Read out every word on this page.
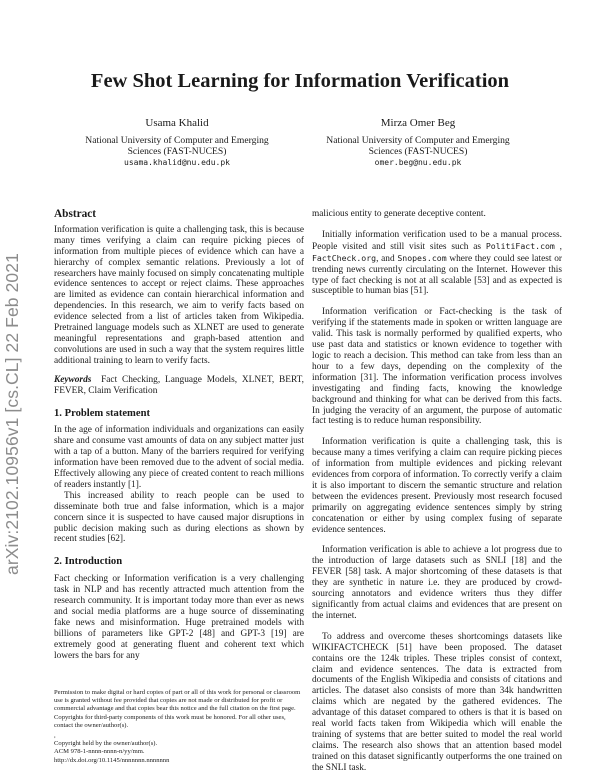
arXiv:2102.10956v1 [cs.CL] 22 Feb 2021
Few Shot Learning for Information Verification
Usama Khalid
National University of Computer and Emerging
Sciences (FAST-NUCES)
usama.khalid@nu.edu.pk
Mirza Omer Beg
National University of Computer and Emerging
Sciences (FAST-NUCES)
omer.beg@nu.edu.pk

Abstract

Information verification is quite a challenging task, this is because many times verifying a claim can require picking pieces of information from multiple pieces of evidence which can have a hierarchy of complex semantic relations. Previously a lot of researchers have mainly focused on simply concatenating multiple evidence sentences to accept or reject claims. These approaches are limited as evidence can contain hierarchical information and dependencies. In this research, we aim to verify facts based on evidence selected from a list of articles taken from Wikipedia. Pretrained language models such as XLNET are used to generate meaningful representations and graph-based attention and convolutions are used in such a way that the system requires little additional training to learn to verify facts.

Keywords Fact Checking, Language Models, XLNET, BERT, FEVER, Claim Verification

1. Problem statement

In the age of information individuals and organizations can easily share and consume vast amounts of data on any subject matter just with a tap of a button. Many of the barriers required for verifying information have been removed due to the advent of social media. Effectively allowing any piece of created content to reach millions of readers instantly [1].

This increased ability to reach people can be used to disseminate both true and false information, which is a major concern since it is suspected to have caused major disruptions in public decision making such as during elections as shown by recent studies [62].

2. Introduction

Fact checking or Information verification is a very challenging task in NLP and has recently attracted much attention from the research community. It is important today more than ever as news and social media platforms are a huge source of disseminating fake news and misinformation. Huge pretrained models with billions of parameters like GPT-2 [48] and GPT-3 [19] are extremely good at generating fluent and coherent text which lowers the bars for any

Permission to make digital or hard copies of part or all of this work for personal or classroom use is granted without fee provided that copies are not made or distributed for profit or commercial advantage and that copies bear this notice and the full citation on the first page. Copyrights for third-party components of this work must be honored. For all other uses, contact the owner/author(s).

,

Copyright held by the owner/author(s).

ACM 978-1-nnnn-nnnn-n/yy/mm.

http://dx.doi.org/10.1145/nnnnnnn.nnnnnnn

malicious entity to generate deceptive content.

Initially information verification used to be a manual process. People visited and still visit sites such as PolitiFact.com , FactCheck.org, and Snopes.com where they could see latest or trending news currently circulating on the Internet. However this type of fact checking is not at all scalable [53] and as expected is susceptible to human bias [51].

Information verification or Fact-checking is the task of verifying if the statements made in spoken or written language are valid. This task is normally performed by qualified experts, who use past data and statistics or known evidence to together with logic to reach a decision. This method can take from less than an hour to a few days, depending on the complexity of the information [31]. The information verification process involves investigating and finding facts, knowing the knowledge background and thinking for what can be derived from this facts. In judging the veracity of an argument, the purpose of automatic fact testing is to reduce human responsibility.

Information verification is quite a challenging task, this is because many a times verifying a claim can require picking pieces of information from multiple evidences and picking relevant evidences from corpora of information. To correctly verify a claim it is also important to discern the semantic structure and relation between the evidences present. Previously most research focused primarily on aggregating evidence sentences simply by string concatenation or either by using complex fusing of separate evidence sentences.

Information verification is able to achieve a lot progress due to the introduction of large datasets such as SNLI [18] and the FEVER [58] task. A major shortcoming of these datasets is that they are synthetic in nature i.e. they are produced by crowd-sourcing annotators and evidence writers thus they differ significantly from actual claims and evidences that are present on the internet.

To address and overcome theses shortcomings datasets like WIKIFACTCHECK [51] have been proposed. The dataset contains ore the 124k triples. These triples consist of context, claim and evidence sentences. The data is extracted from documents of the English Wikipedia and consists of citations and articles. The dataset also consists of more than 34k handwritten claims which are negated by the gathered evidences. The advantage of this dataset compared to others is that it is based on real world facts taken from Wikipedia which will enable the training of systems that are better suited to model the real world claims. The research also shows that an attention based model trained on this dataset significantly outperforms the one trained on the SNLI task.
